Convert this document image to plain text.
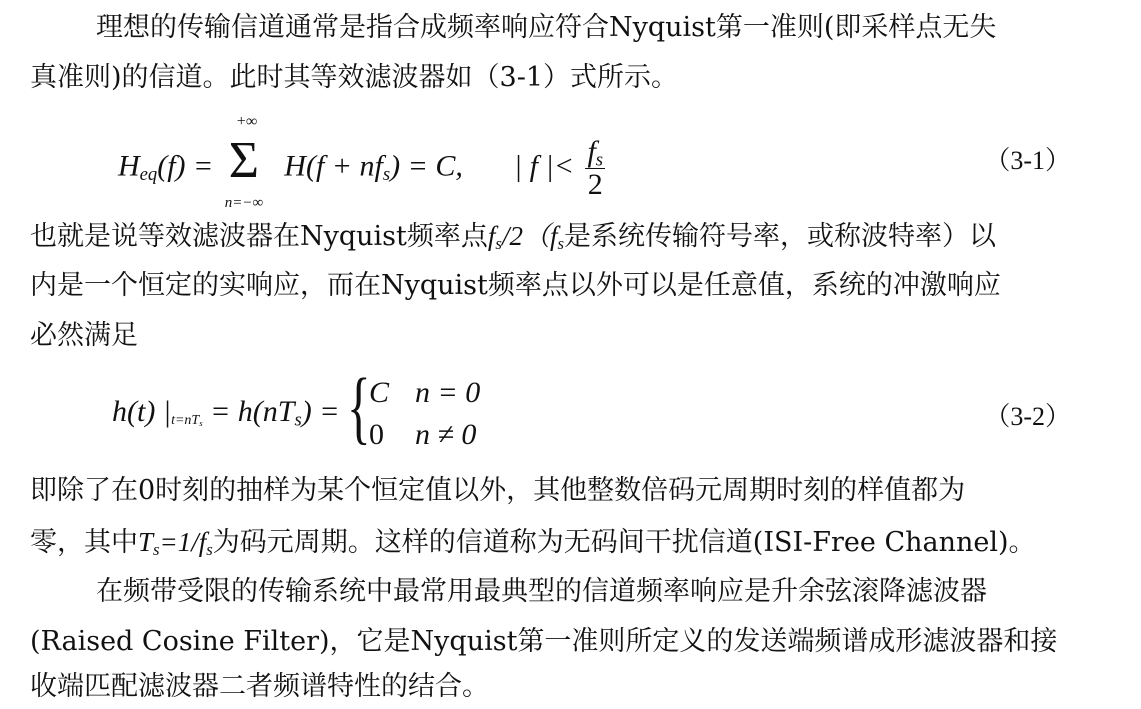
理想的传输信道通常是指合成频率响应符合Nyquist第一准则(即采样点无失
真准则)的信道。此时其等效滤波器如（3-1）式所示。
$H_{eq}(f)$ =
+∞
Σ
n=−∞
$H(f + nf_s) = C$, | f |< $\frac{f_s}{2}$	（3-1）
也就是说等效滤波器在Nyquist频率点$f_s/2(f_s$是系统传输符号率，或称波特率）以
内是一个恒定的实响应，而在Nyquist频率点以外可以是任意值，系统的冲激响应
必然满足
h(t) $|_{t=nT_s} = h(nT_s)$ = {
C n = 0
0 n ≠ 0
（3-2）
即除了在0时刻的抽样为某个恒定值以外，其他整数倍码元周期时刻的样值都为
零，其中$T_s=1/f_s$为码元周期。这样的信道称为无码间干扰信道(ISI-Free Channel)。
在频带受限的传输系统中最常用最典型的信道频率响应是升余弦滚降滤波器
(Raised Cosine Filter)，它是Nyquist第一准则所定义的发送端频谱成形滤波器和接
收端匹配滤波器二者频谱特性的结合。
